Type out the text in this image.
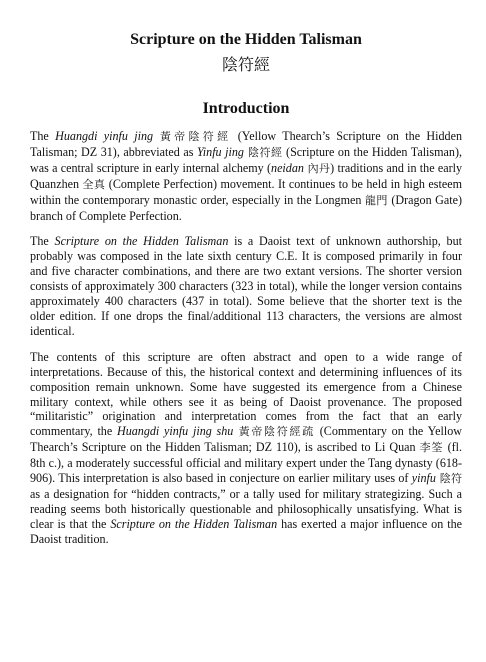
Scripture on the Hidden Talisman
陰符經
Introduction

The Huangdi yinfu jing 黃帝陰符經 (Yellow Thearch’s Scripture on the Hidden Talisman; DZ 31), abbreviated as Yinfu jing 陰符經 (Scripture on the Hidden Talisman), was a central scripture in early internal alchemy (neidan 內丹) traditions and in the early Quanzhen 全真 (Complete Perfection) movement. It continues to be held in high esteem within the contemporary monastic order, especially in the Longmen 龍門 (Dragon Gate) branch of Complete Perfection.

The Scripture on the Hidden Talisman is a Daoist text of unknown authorship, but probably was composed in the late sixth century C.E. It is composed primarily in four and five character combinations, and there are two extant versions. The shorter version consists of approximately 300 characters (323 in total), while the longer version contains approximately 400 characters (437 in total). Some believe that the shorter text is the older edition. If one drops the final/additional 113 characters, the versions are almost identical.

The contents of this scripture are often abstract and open to a wide range of interpretations. Because of this, the historical context and determining influences of its composition remain unknown. Some have suggested its emergence from a Chinese military context, while others see it as being of Daoist provenance. The proposed “militaristic” origination and interpretation comes from the fact that an early commentary, the Huangdi yinfu jing shu 黃帝陰符經疏 (Commentary on the Yellow Thearch’s Scripture on the Hidden Talisman; DZ 110), is ascribed to Li Quan 李筌 (fl. 8th c.), a moderately successful official and military expert under the Tang dynasty (618-906). This interpretation is also based in conjecture on earlier military uses of yinfu 陰符 as a designation for “hidden contracts,” or a tally used for military strategizing. Such a reading seems both historically questionable and philosophically unsatisfying. What is clear is that the Scripture on the Hidden Talisman has exerted a major influence on the Daoist tradition.
